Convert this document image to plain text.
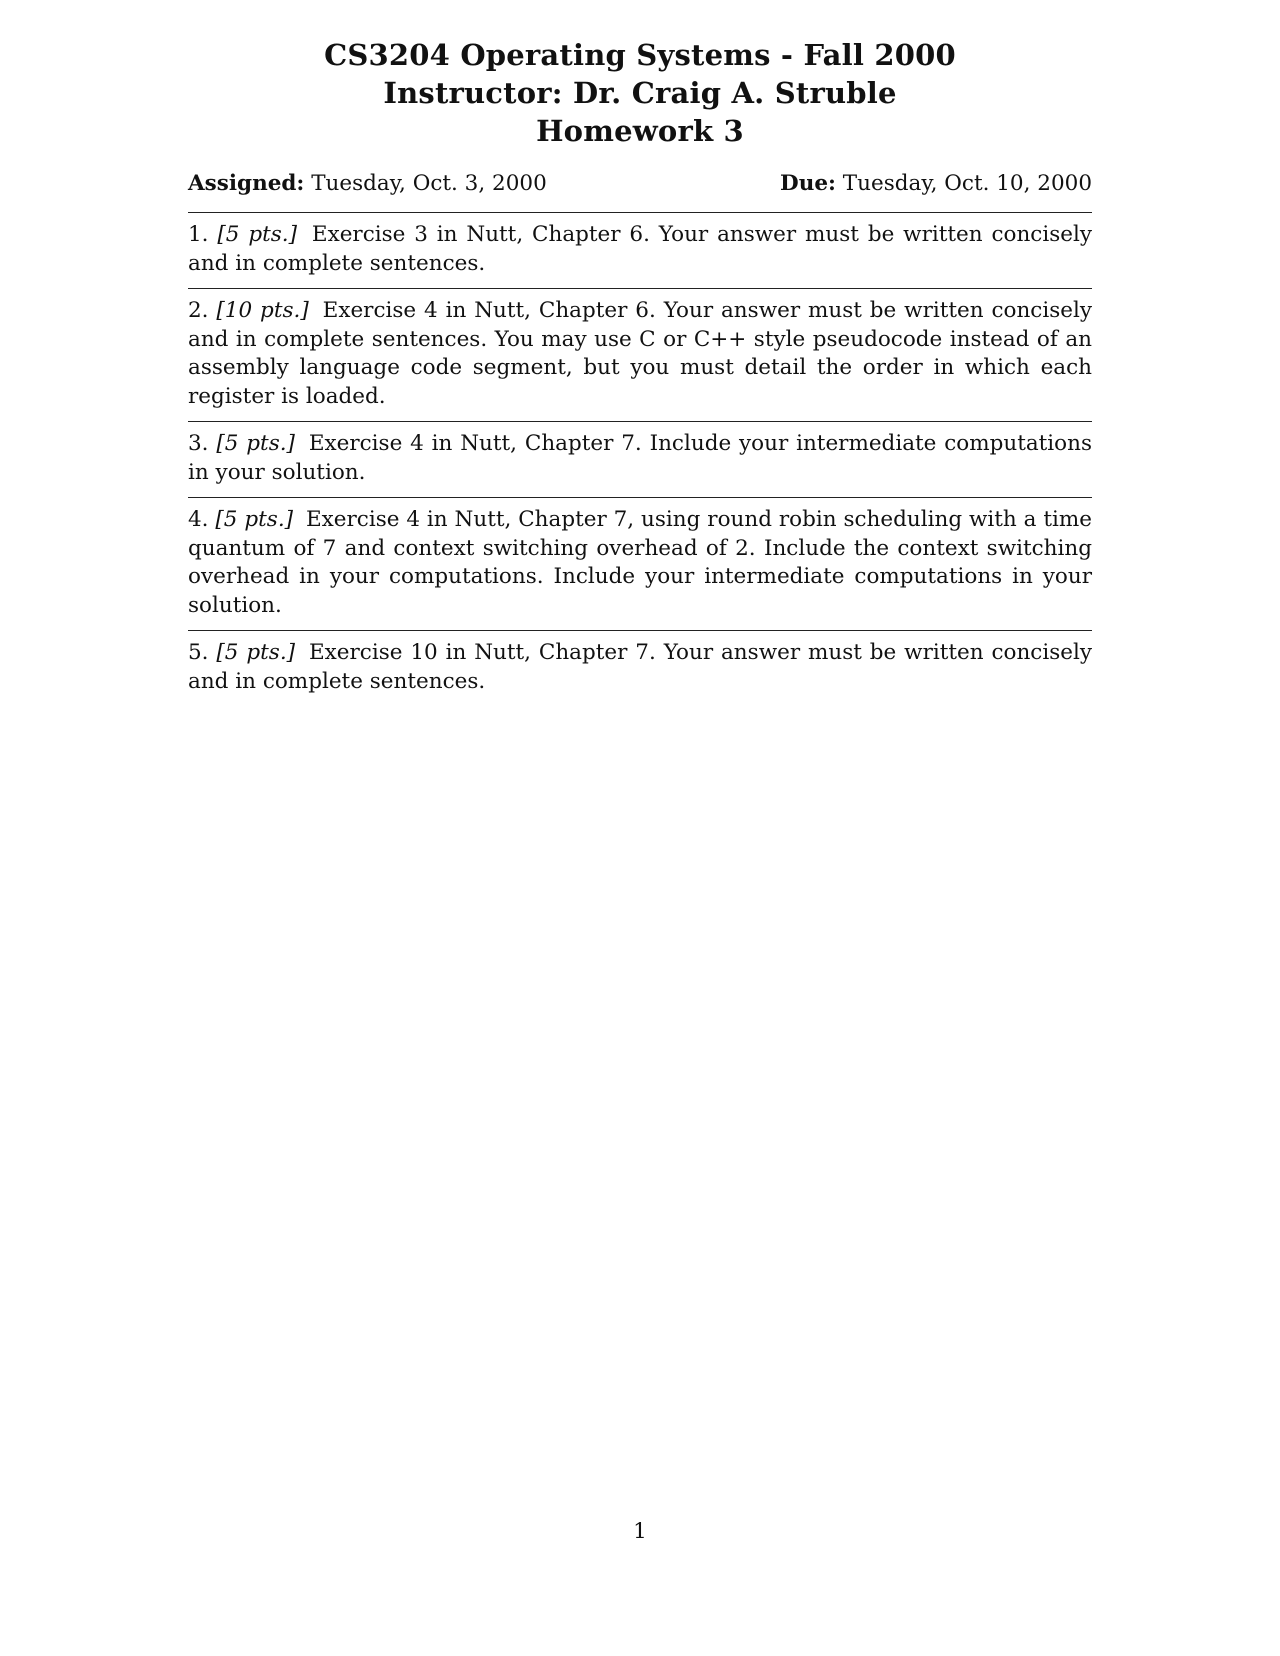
CS3204 Operating Systems - Fall 2000
Instructor: Dr. Craig A. Struble
Homework 3
Assigned: Tuesday, Oct. 3, 2000	Due: Tuesday, Oct. 10, 2000
1. [5 pts.] Exercise 3 in Nutt, Chapter 6. Your answer must be written concisely and in complete sentences.
2. [10 pts.] Exercise 4 in Nutt, Chapter 6. Your answer must be written concisely and in complete sentences. You may use C or C++ style pseudocode instead of an assembly language code segment, but you must detail the order in which each register is loaded.
3. [5 pts.] Exercise 4 in Nutt, Chapter 7. Include your intermediate computations in your solution.
4. [5 pts.] Exercise 4 in Nutt, Chapter 7, using round robin scheduling with a time quantum of 7 and context switching overhead of 2. Include the context switching overhead in your computations. Include your intermediate computations in your solution.
5. [5 pts.] Exercise 10 in Nutt, Chapter 7. Your answer must be written concisely and in complete sentences.
1
